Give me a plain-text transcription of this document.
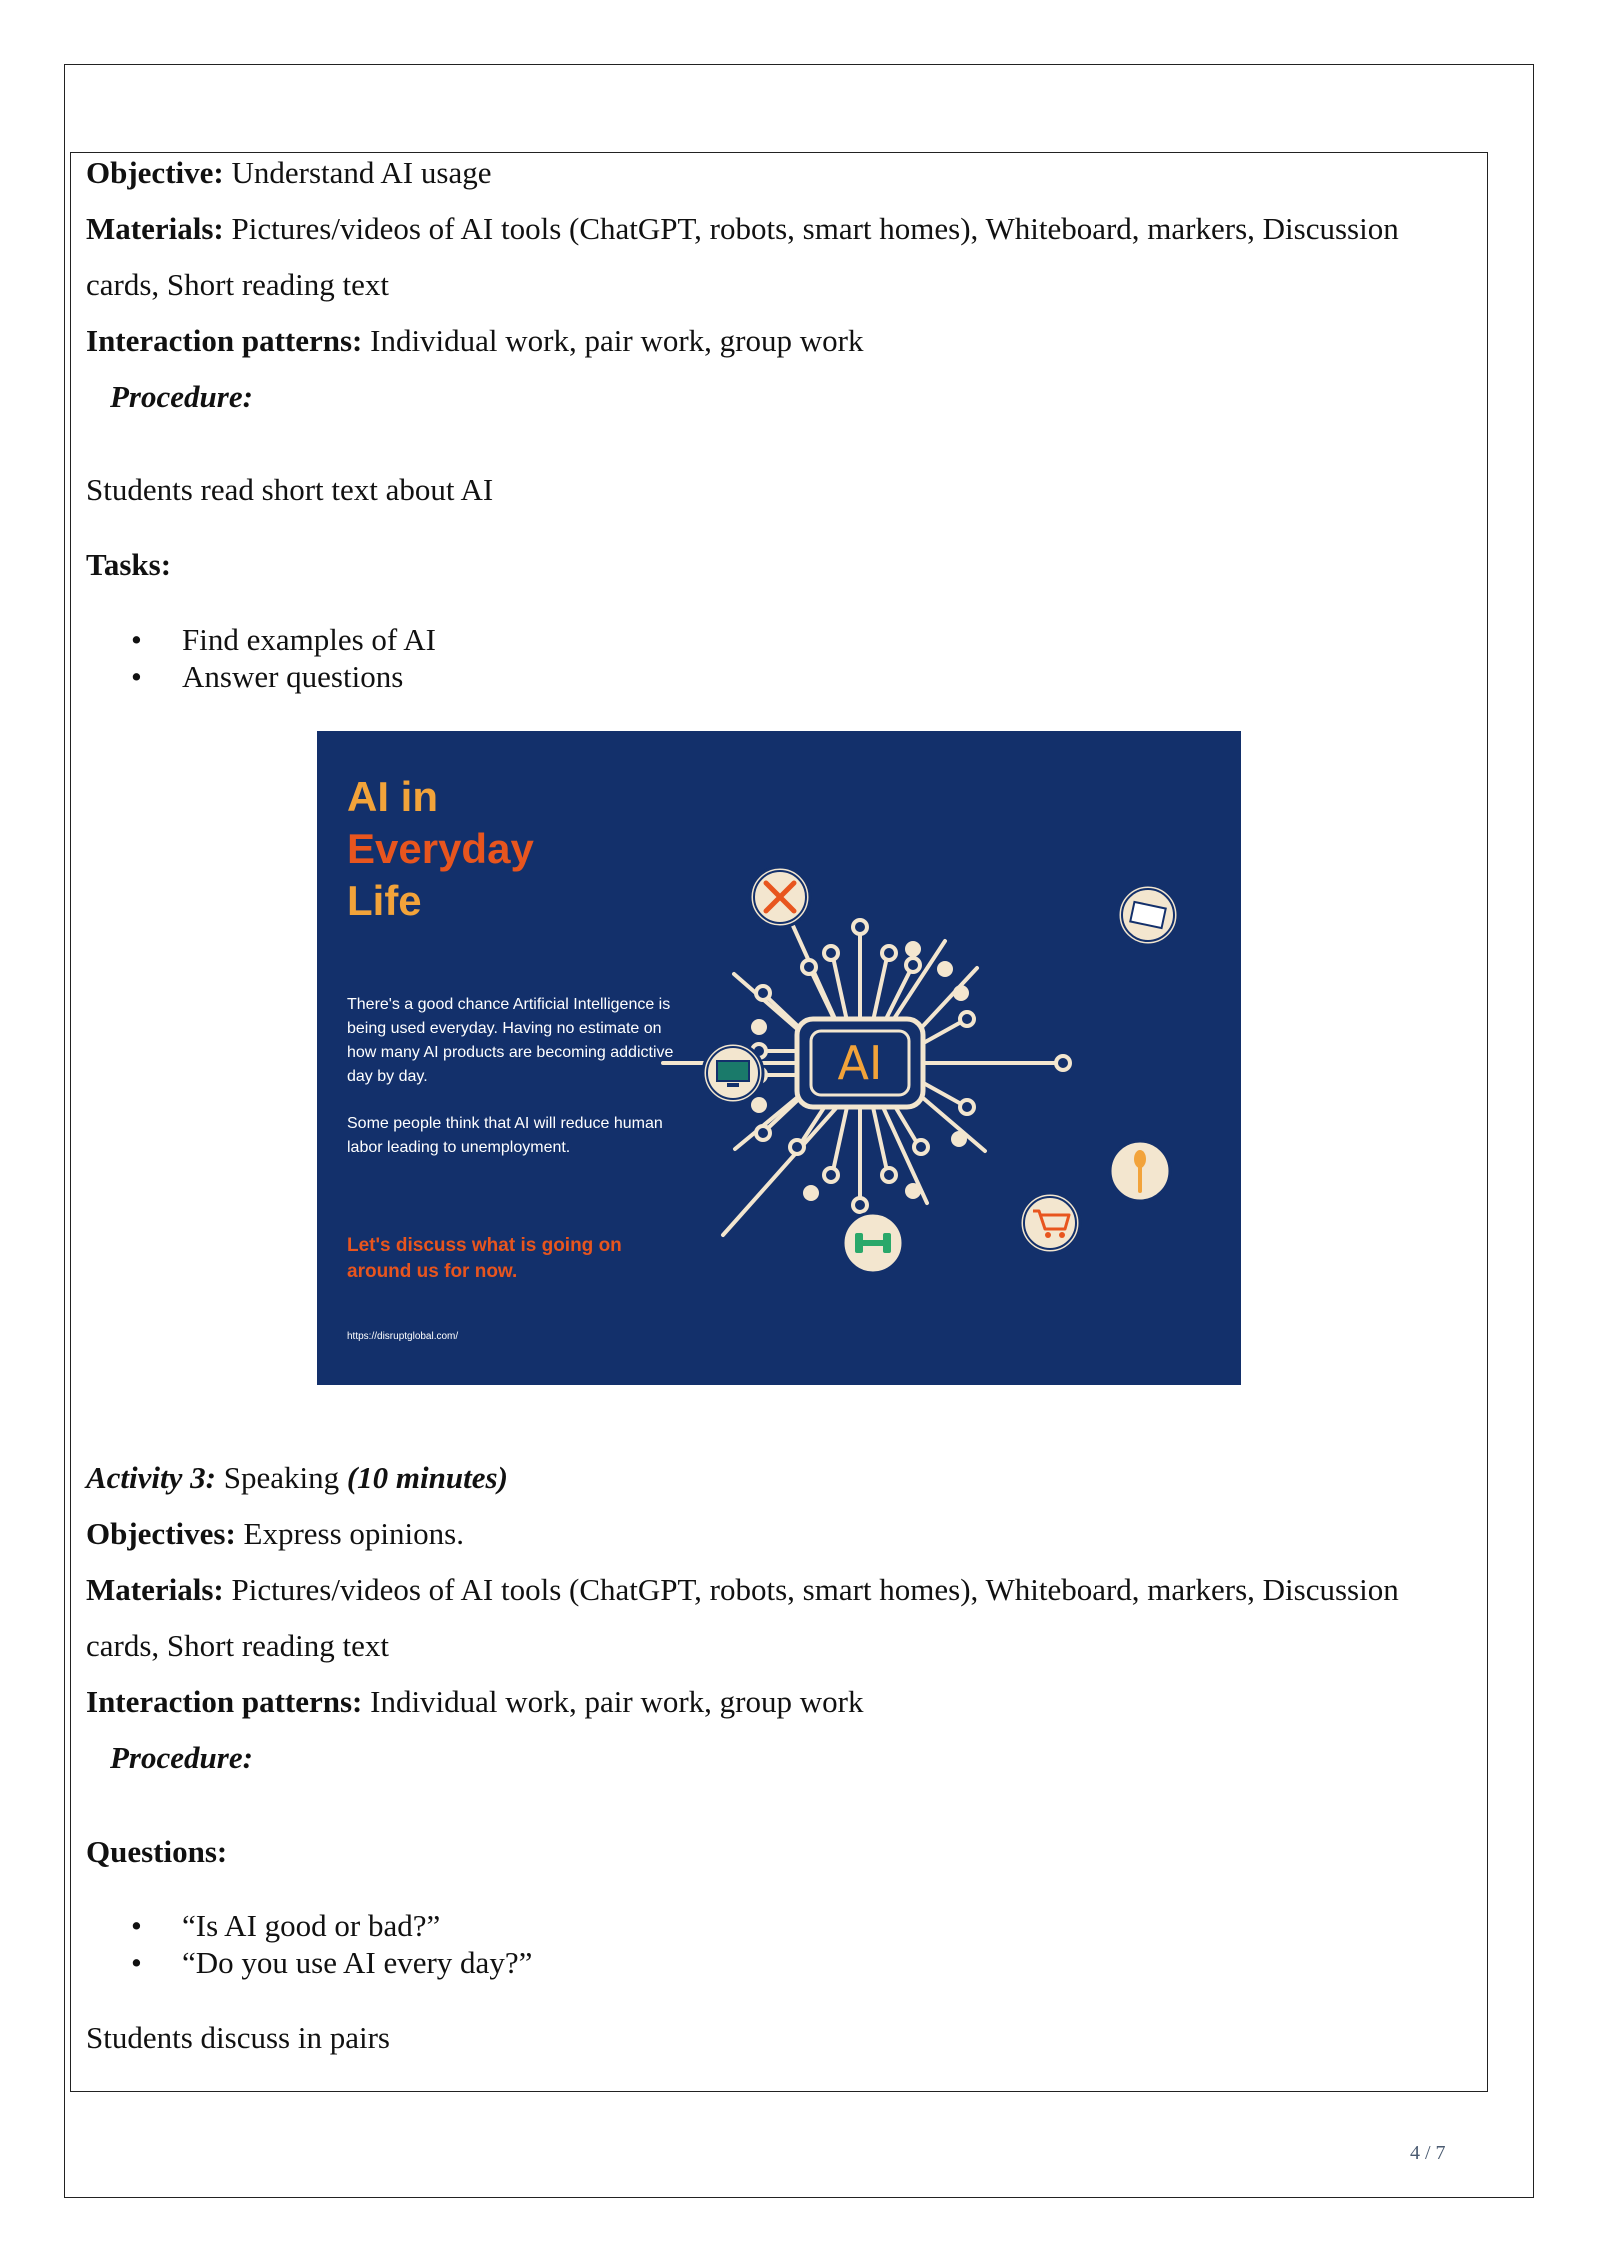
Objective: Understand AI usage
Materials: Pictures/videos of AI tools (ChatGPT, robots, smart homes), Whiteboard, markers, Discussion
cards, Short reading text
Interaction patterns: Individual work, pair work, group work
Procedure:
Students read short text about AI
Tasks:
• Find examples of AI
• Answer questions
AI in
Everyday
Life

There's a good chance Artificial Intelligence is being used everyday. Having no estimate on how many AI products are becoming addictive day by day.

Some people think that AI will reduce human labor leading to unemployment.

Let's discuss what is going on around us for now.
https://disruptglobal.com/
AI
Activity 3: Speaking (10 minutes)
Objectives: Express opinions.
Materials: Pictures/videos of AI tools (ChatGPT, robots, smart homes), Whiteboard, markers, Discussion
cards, Short reading text
Interaction patterns: Individual work, pair work, group work
Procedure:
Questions:
• “Is AI good or bad?”
• “Do you use AI every day?”
Students discuss in pairs
4 / 7
